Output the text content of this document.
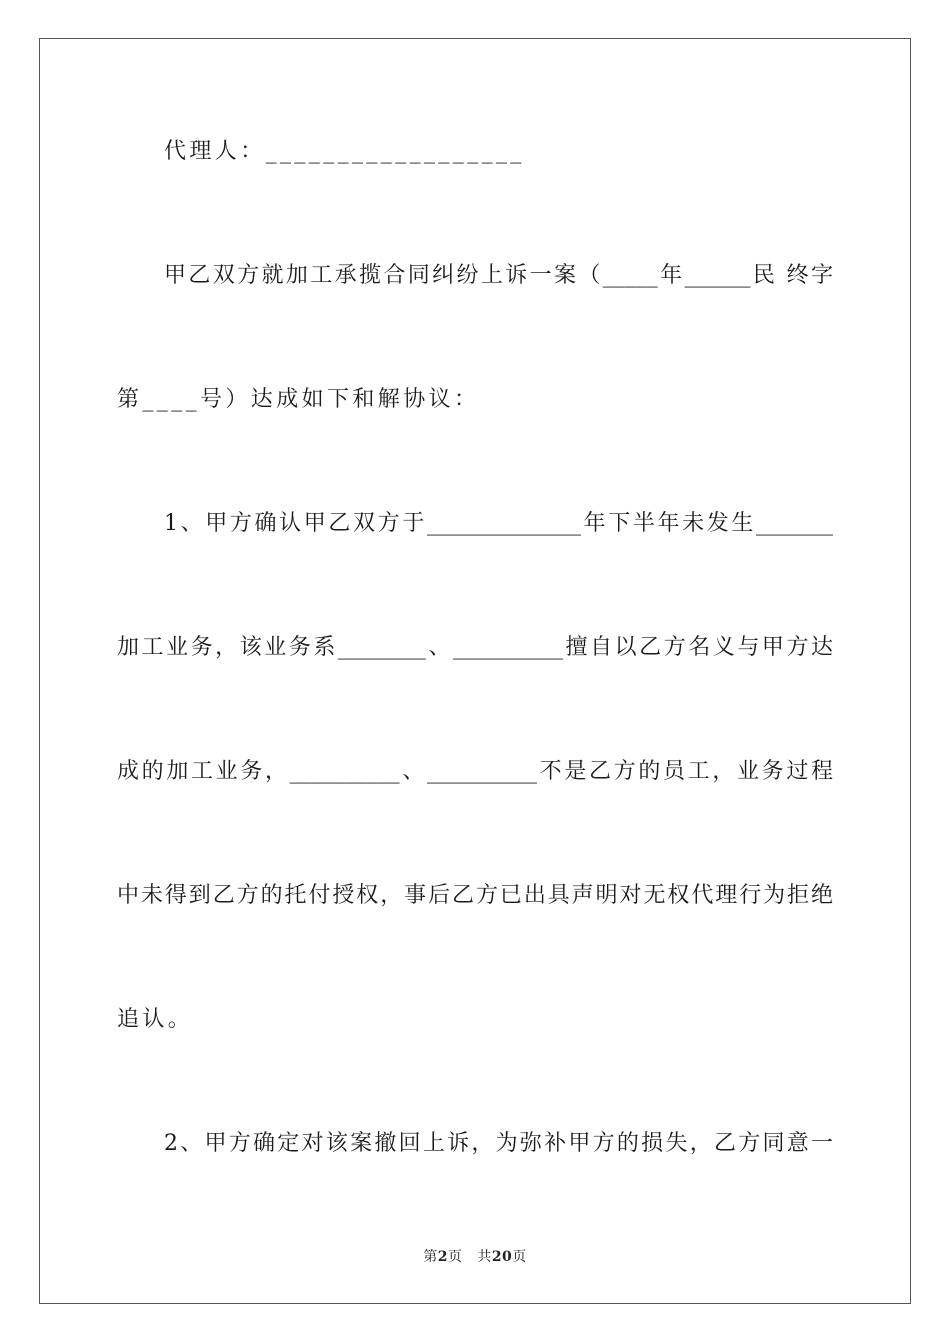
代理人：__________________
甲乙双方就加工承揽合同纠纷上诉一案（_____年______民 终字
第____号）达成如下和解协议：
1、甲方确认甲乙双方于______________年下半年未发生_______
加工业务，该业务系________、__________擅自以乙方名义与甲方达
成的加工业务，__________、__________不是乙方的员工，业务过程
中未得到乙方的托付授权，事后乙方已出具声明对无权代理行为拒绝
追认。
2、甲方确定对该案撤回上诉，为弥补甲方的损失，乙方同意一
第2页 共20页
